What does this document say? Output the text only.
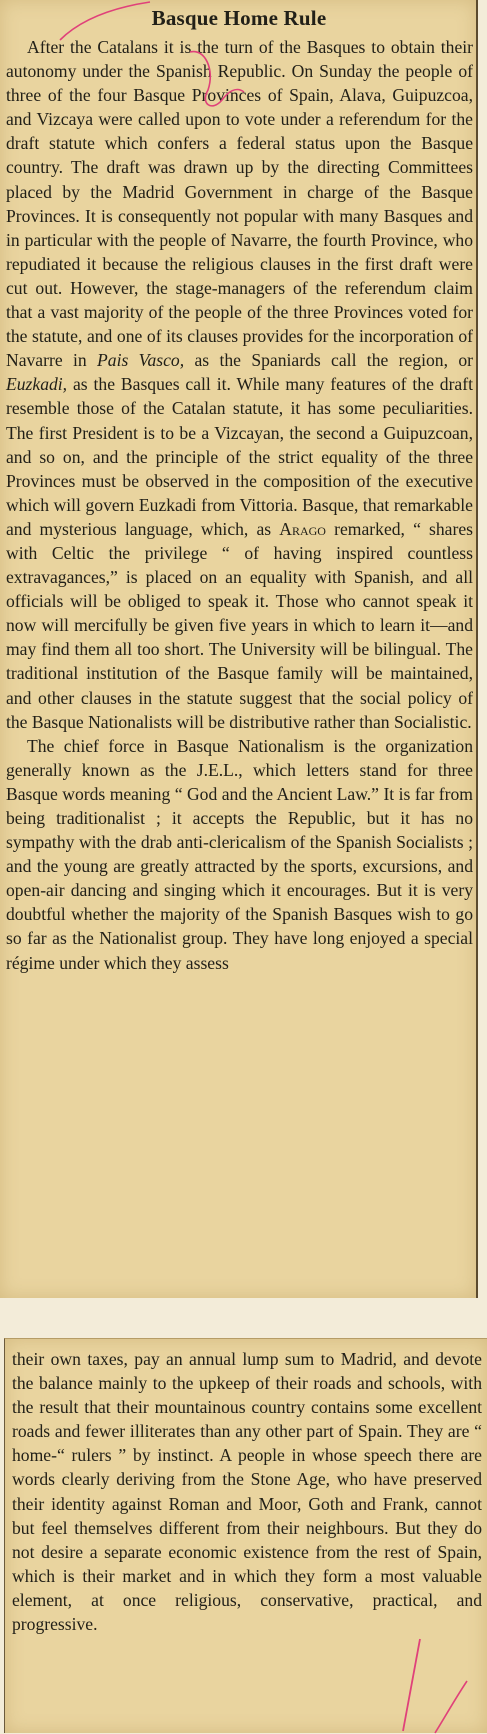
Basque Home Rule

After the Catalans it is the turn of the Basques to obtain their autonomy under the Spanish Republic. On Sunday the people of three of the four Basque Provinces of Spain, Alava, Guipuzcoa, and Vizcaya were called upon to vote under a referendum for the draft statute which confers a federal status upon the Basque country. The draft was drawn up by the directing Committees placed by the Madrid Government in charge of the Basque Provinces. It is consequently not popular with many Basques and in particular with the people of Navarre, the fourth Province, who repudiated it because the religious clauses in the first draft were cut out. However, the stage-managers of the referendum claim that a vast majority of the people of the three Provinces voted for the statute, and one of its clauses provides for the incorporation of Navarre in Pais Vasco, as the Spaniards call the region, or Euzkadi, as the Basques call it. While many features of the draft resemble those of the Catalan statute, it has some peculiarities. The first President is to be a Vizcayan, the second a Guipuzcoan, and so on, and the principle of the strict equality of the three Provinces must be observed in the composition of the executive which will govern Euzkadi from Vittoria. Basque, that remarkable and mysterious language, which, as Arago remarked, “ shares with Celtic the privilege “ of having inspired countless extravagances,” is placed on an equality with Spanish, and all officials will be obliged to speak it. Those who cannot speak it now will mercifully be given five years in which to learn it—and may find them all too short. The University will be bilingual. The traditional institution of the Basque family will be maintained, and other clauses in the statute suggest that the social policy of the Basque Nationalists will be distributive rather than Socialistic.

The chief force in Basque Nationalism is the organization generally known as the J.E.L., which letters stand for three Basque words meaning “ God and the Ancient Law.” It is far from being traditionalist ; it accepts the Republic, but it has no sympathy with the drab anti-clericalism of the Spanish Socialists ; and the young are greatly attracted by the sports, excursions, and open-air dancing and singing which it encourages. But it is very doubtful whether the majority of the Spanish Basques wish to go so far as the Nationalist group. They have long enjoyed a special régime under which they assess

their own taxes, pay an annual lump sum to Madrid, and devote the balance mainly to the upkeep of their roads and schools, with the result that their mountainous country contains some excellent roads and fewer illiterates than any other part of Spain. They are “ home-“ rulers ” by instinct. A people in whose speech there are words clearly deriving from the Stone Age, who have preserved their identity against Roman and Moor, Goth and Frank, cannot but feel themselves different from their neighbours. But they do not desire a separate economic existence from the rest of Spain, which is their market and in which they form a most valuable element, at once religious, conservative, practical, and progressive.
